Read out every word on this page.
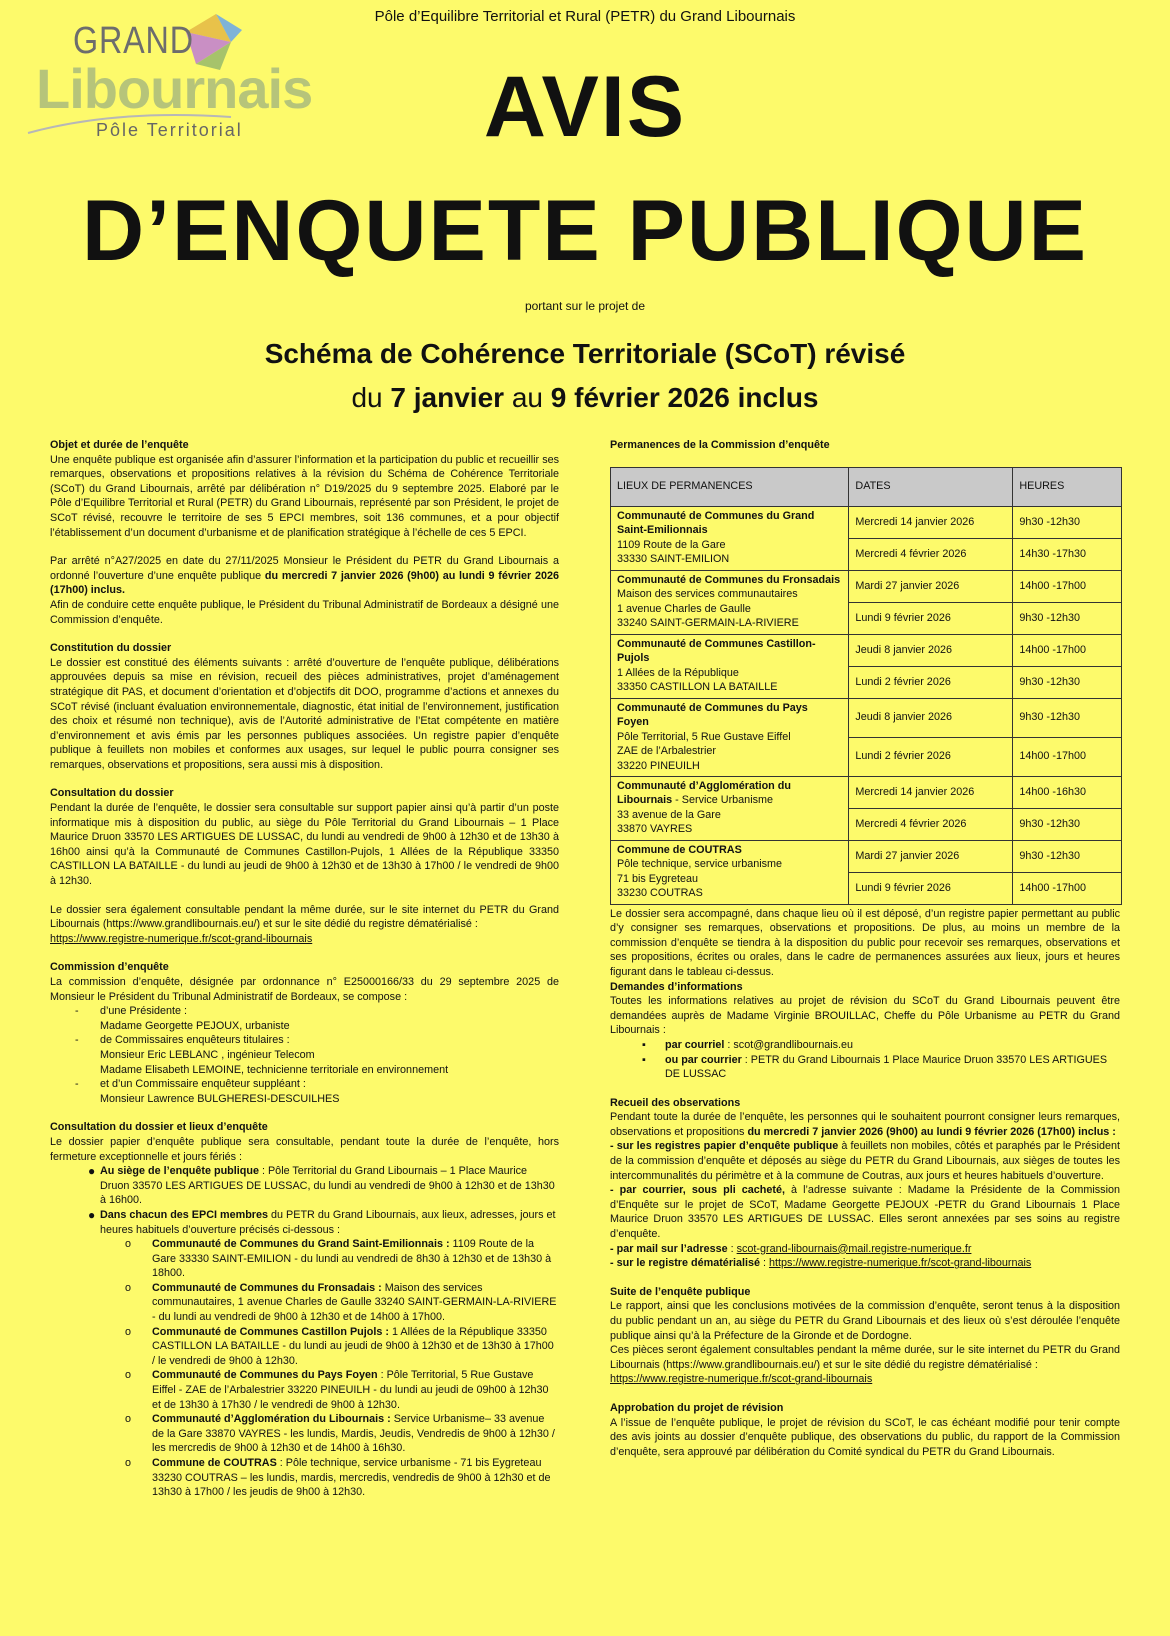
Pôle d’Equilibre Territorial et Rural (PETR) du Grand Libournais
GRAND
Libournais
Pôle Territorial	AVIS
D’ENQUETE PUBLIQUE
portant sur le projet de
Schéma de Cohérence Territoriale (SCoT) révisé
du 7 janvier au 9 février 2026 inclus
Objet et durée de l’enquête

Une enquête publique est organisée afin d’assurer l’information et la participation du public et recueillir ses remarques, observations et propositions relatives à la révision du Schéma de Cohérence Territoriale (SCoT) du Grand Libournais, arrêté par délibération n° D19/2025 du 9 septembre 2025. Elaboré par le Pôle d’Equilibre Territorial et Rural (PETR) du Grand Libournais, représenté par son Président, le projet de SCoT révisé, recouvre le territoire de ses 5 EPCI membres, soit 136 communes, et a pour objectif l’établissement d’un document d’urbanisme et de planification stratégique à l’échelle de ces 5 EPCI.

Par arrêté n°A27/2025 en date du 27/11/2025 Monsieur le Président du PETR du Grand Libournais a ordonné l’ouverture d’une enquête publique du mercredi 7 janvier 2026 (9h00) au lundi 9 février 2026 (17h00) inclus.

Afin de conduire cette enquête publique, le Président du Tribunal Administratif de Bordeaux a désigné une Commission d’enquête.

Constitution du dossier

Le dossier est constitué des éléments suivants : arrêté d’ouverture de l’enquête publique, délibérations approuvées depuis sa mise en révision, recueil des pièces administratives, projet d’aménagement stratégique dit PAS, et document d’orientation et d’objectifs dit DOO, programme d’actions et annexes du SCoT révisé (incluant évaluation environnementale, diagnostic, état initial de l’environnement, justification des choix et résumé non technique), avis de l’Autorité administrative de l’Etat compétente en matière d’environnement et avis émis par les personnes publiques associées. Un registre papier d’enquête publique à feuillets non mobiles et conformes aux usages, sur lequel le public pourra consigner ses remarques, observations et propositions, sera aussi mis à disposition.

Consultation du dossier

Pendant la durée de l’enquête, le dossier sera consultable sur support papier ainsi qu’à partir d’un poste informatique mis à disposition du public, au siège du Pôle Territorial du Grand Libournais – 1 Place Maurice Druon 33570 LES ARTIGUES DE LUSSAC, du lundi au vendredi de 9h00 à 12h30 et de 13h30 à 16h00 ainsi qu’à la Communauté de Communes Castillon-Pujols, 1 Allées de la République 33350 CASTILLON LA BATAILLE - du lundi au jeudi de 9h00 à 12h30 et de 13h30 à 17h00 / le vendredi de 9h00 à 12h30.

Le dossier sera également consultable pendant la même durée, sur le site internet du PETR du Grand Libournais (https://www.grandlibournais.eu/) et sur le site dédié du registre dématérialisé :

https://www.registre-numerique.fr/scot-grand-libournais
Commission d’enquête

La commission d’enquête, désignée par ordonnance n° E25000166/33 du 29 septembre 2025 de Monsieur le Président du Tribunal Administratif de Bordeaux, se compose :

- d’une Présidente :
Madame Georgette PEJOUX, urbaniste
- de Commissaires enquêteurs titulaires :
Monsieur Eric LEBLANC , ingénieur Telecom
Madame Elisabeth LEMOINE, technicienne territoriale en environnement
- et d’un Commissaire enquêteur suppléant :
Monsieur Lawrence BULGHERESI-DESCUILHES
Consultation du dossier et lieux d’enquête

Le dossier papier d’enquête publique sera consultable, pendant toute la durée de l’enquête, hors fermeture exceptionnelle et jours fériés :

● Au siège de l’enquête publique : Pôle Territorial du Grand Libournais – 1 Place Maurice Druon 33570 LES ARTIGUES DE LUSSAC, du lundi au vendredi de 9h00 à 12h30 et de 13h30 à 16h00.
● Dans chacun des EPCI membres du PETR du Grand Libournais, aux lieux, adresses, jours et heures habituels d’ouverture précisés ci-dessous :
o Communauté de Communes du Grand Saint-Emilionnais : 1109 Route de la Gare 33330 SAINT-EMILION - du lundi au vendredi de 8h30 à 12h30 et de 13h30 à 18h00.
o Communauté de Communes du Fronsadais : Maison des services communautaires, 1 avenue Charles de Gaulle 33240 SAINT-GERMAIN-LA-RIVIERE - du lundi au vendredi de 9h00 à 12h30 et de 14h00 à 17h00.
o Communauté de Communes Castillon Pujols : 1 Allées de la République 33350 CASTILLON LA BATAILLE - du lundi au jeudi de 9h00 à 12h30 et de 13h30 à 17h00 / le vendredi de 9h00 à 12h30.
o Communauté de Communes du Pays Foyen : Pôle Territorial, 5 Rue Gustave Eiffel - ZAE de l’Arbalestrier 33220 PINEUILH - du lundi au jeudi de 09h00 à 12h30 et de 13h30 à 17h30 / le vendredi de 9h00 à 12h30.
o Communauté d’Agglomération du Libournais : Service Urbanisme– 33 avenue de la Gare 33870 VAYRES - les lundis, Mardis, Jeudis, Vendredis de 9h00 à 12h30 / les mercredis de 9h00 à 12h30 et de 14h00 à 16h30.
o Commune de COUTRAS : Pôle technique, service urbanisme - 71 bis Eygreteau 33230 COUTRAS – les lundis, mardis, mercredis, vendredis de 9h00 à 12h30 et de 13h30 à 17h00 / les jeudis de 9h00 à 12h30.
Permanences de la Commission d’enquête
LIEUX DE PERMANENCES	DATES	HEURES
Communauté de Communes du Grand Saint-Emilionnais
1109 Route de la Gare
33330 SAINT-EMILION	Mercredi 14 janvier 2026	9h30 -12h30
	Mercredi 4 février 2026	14h30 -17h30
Communauté de Communes du Fronsadais
Maison des services communautaires
1 avenue Charles de Gaulle
33240 SAINT-GERMAIN-LA-RIVIERE	Mardi 27 janvier 2026	14h00 -17h00
	Lundi 9 février 2026	9h30 -12h30
Communauté de Communes Castillon-Pujols
1 Allées de la République
33350 CASTILLON LA BATAILLE	Jeudi 8 janvier 2026	14h00 -17h00
	Lundi 2 février 2026	9h30 -12h30
Communauté de Communes du Pays Foyen
Pôle Territorial, 5 Rue Gustave Eiffel
ZAE de l’Arbalestrier
33220 PINEUILH	Jeudi 8 janvier 2026	9h30 -12h30
	Lundi 2 février 2026	14h00 -17h00
Communauté d’Agglomération du Libournais - Service Urbanisme
33 avenue de la Gare
33870 VAYRES	Mercredi 14 janvier 2026	14h00 -16h30
	Mercredi 4 février 2026	9h30 -12h30
Commune de COUTRAS
Pôle technique, service urbanisme
71 bis Eygreteau
33230 COUTRAS	Mardi 27 janvier 2026	9h30 -12h30
	Lundi 9 février 2026	14h00 -17h00

Le dossier sera accompagné, dans chaque lieu où il est déposé, d’un registre papier permettant au public d’y consigner ses remarques, observations et propositions. De plus, au moins un membre de la commission d’enquête se tiendra à la disposition du public pour recevoir ses remarques, observations et ses propositions, écrites ou orales, dans le cadre de permanences assurées aux lieux, jours et heures figurant dans le tableau ci-dessus.

Demandes d’informations

Toutes les informations relatives au projet de révision du SCoT du Grand Libournais peuvent être demandées auprès de Madame Virginie BROUILLAC, Cheffe du Pôle Urbanisme au PETR du Grand Libournais :

▪ par courriel : scot@grandlibournais.eu
▪ ou par courrier : PETR du Grand Libournais 1 Place Maurice Druon 33570 LES ARTIGUES DE LUSSAC
Recueil des observations

Pendant toute la durée de l’enquête, les personnes qui le souhaitent pourront consigner leurs remarques, observations et propositions du mercredi 7 janvier 2026 (9h00) au lundi 9 février 2026 (17h00) inclus :

- sur les registres papier d’enquête publique à feuillets non mobiles, côtés et paraphés par le Président de la commission d’enquête et déposés au siège du PETR du Grand Libournais, aux sièges de toutes les intercommunalités du périmètre et à la commune de Coutras, aux jours et heures habituels d’ouverture.

- par courrier, sous pli cacheté, à l’adresse suivante : Madame la Présidente de la Commission d’Enquête sur le projet de SCoT, Madame Georgette PEJOUX -PETR du Grand Libournais 1 Place Maurice Druon 33570 LES ARTIGUES DE LUSSAC. Elles seront annexées par ses soins au registre d’enquête.

- par mail sur l’adresse : scot-grand-libournais@mail.registre-numerique.fr

- sur le registre dématérialisé : https://www.registre-numerique.fr/scot-grand-libournais

Suite de l’enquête publique

Le rapport, ainsi que les conclusions motivées de la commission d’enquête, seront tenus à la disposition du public pendant un an, au siège du PETR du Grand Libournais et des lieux où s’est déroulée l’enquête publique ainsi qu’à la Préfecture de la Gironde et de Dordogne.

Ces pièces seront également consultables pendant la même durée, sur le site internet du PETR du Grand Libournais (https://www.grandlibournais.eu/) et sur le site dédié du registre dématérialisé :

https://www.registre-numerique.fr/scot-grand-libournais
Approbation du projet de révision

A l’issue de l’enquête publique, le projet de révision du SCoT, le cas échéant modifié pour tenir compte des avis joints au dossier d’enquête publique, des observations du public, du rapport de la Commission d’enquête, sera approuvé par délibération du Comité syndical du PETR du Grand Libournais.
